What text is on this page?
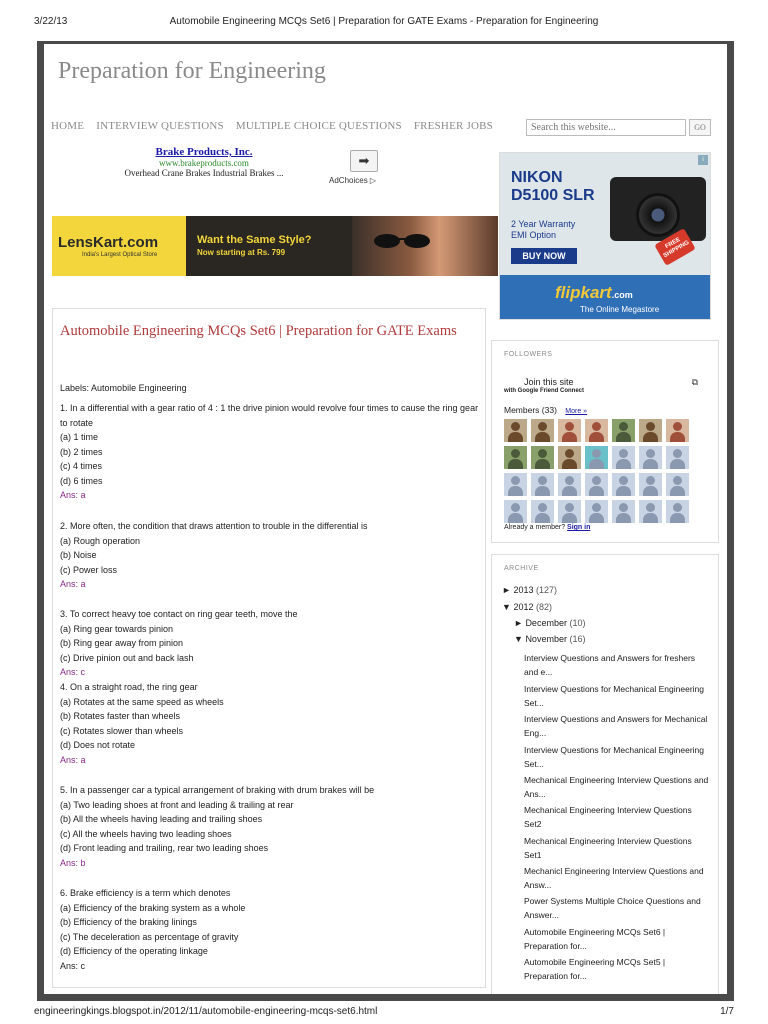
3/22/13	Automobile Engineering MCQs Set6 | Preparation for GATE Exams - Preparation for Engineering
Preparation for Engineering
HOME INTERVIEW QUESTIONS MULTIPLE CHOICE QUESTIONS FRESHER JOBS
Search this website...	GO
Brake Products, Inc.
www.brakeproducts.com
Overhead Crane Brakes Industrial Brakes ...
➡
AdChoices ▷
LensKart.com
India's Largest Optical Store
Want the Same Style?
Now starting at Rs. 799
Automobile Engineering MCQs Set6 | Preparation for GATE Exams
Labels: Automobile Engineering
1. In a differential with a gear ratio of 4 : 1 the drive pinion would revolve four times to cause the ring gear to rotate
(a) 1 time
(b) 2 times
(c) 4 times
(d) 6 times
Ans: a
2. More often, the condition that draws attention to trouble in the differential is
(a) Rough operation
(b) Noise
(c) Power loss
Ans: a
3. To correct heavy toe contact on ring gear teeth, move the
(a) Ring gear towards pinion
(b) Ring gear away from pinion
(c) Drive pinion out and back lash
Ans: c
4. On a straight road, the ring gear
(a) Rotates at the same speed as wheels
(b) Rotates faster than wheels
(c) Rotates slower than wheels
(d) Does not rotate
Ans: a
5. In a passenger car a typical arrangement of braking with drum brakes will be
(a) Two leading shoes at front and leading & trailing at rear
(b) All the wheels having leading and trailing shoes
(c) All the wheels having two leading shoes
(d) Front leading and trailing, rear two leading shoes
Ans: b
6. Brake efficiency is a term which denotes
(a) Efficiency of the braking system as a whole
(b) Efficiency of the braking linings
(c) The deceleration as percentage of gravity
(d) Efficiency of the operating linkage
Ans: c
i
NIKON
D5100 SLR
2 Year Warranty
EMI Option
BUY NOW
FREE SHIPPING
flipkart.com
The Online Megastore
FOLLOWERS
Join this site
with Google Friend Connect
⧉
Members (33) More »
Already a member? Sign in
ARCHIVE
► 2013 (127)
▼ 2012 (82)
► December (10)
▼ November (16)
Interview Questions and Answers for freshers and e...
Interview Questions for Mechanical Engineering Set...
Interview Questions and Answers for Mechanical Eng...
Interview Questions for Mechanical Engineering Set...
Mechanical Engineering Interview Questions and Ans...
Mechanical Engineering Interview Questions Set2
Mechanical Engineering Interview Questions Set1
Mechanicl Engineering Interview Questions and Answ...
Power Systems Multiple Choice Questions and Answer...
Automobile Engineering MCQs Set6 | Preparation for...
Automobile Engineering MCQs Set5 | Preparation for...
engineeringkings.blogspot.in/2012/11/automobile-engineering-mcqs-set6.html	1/7
